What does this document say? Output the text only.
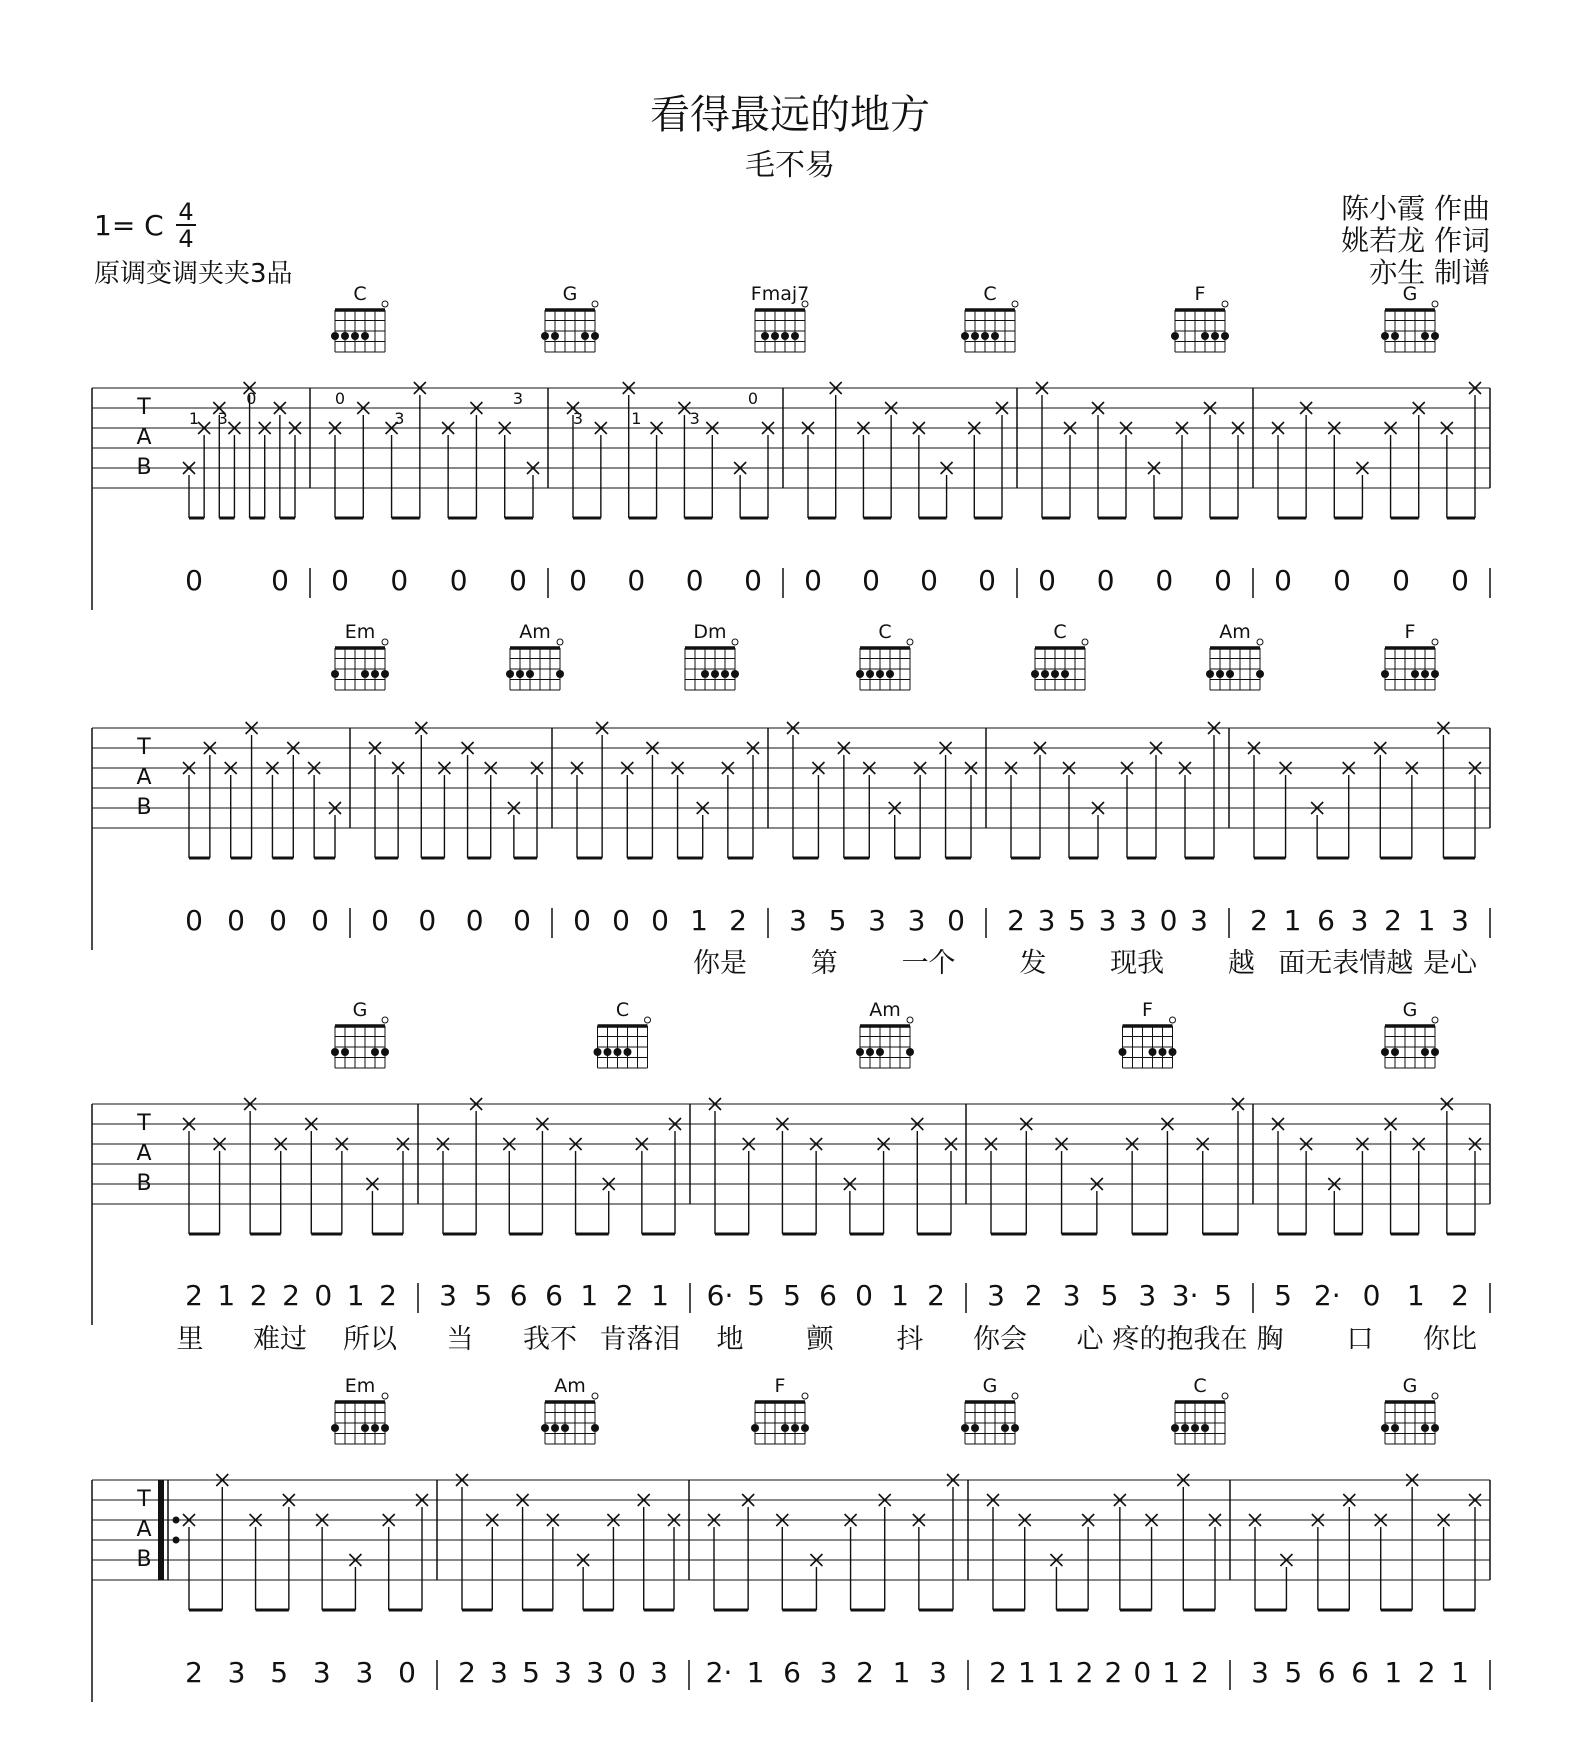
看得最远的地方
毛不易
1= C 4
4
原调变调夹夹3品
陈小霞 作曲
姚若龙 作词
亦生 制谱
T
A
B
C	G	Fmaj7	C	F	G
1 3
0	3
0
3	3
0
3	1
0 0 0 0 0 0 0 0 0 0 0 0 0 0 0 0 0 0 0 0 0 0
T
A
B
Em	Am	Dm	C	C	Am	F
0 0 0 0 0 0 0 0 0 0 0 1 2 3 5 3 3 0 2 3 5 3 3 0 3 2 1 6 3 2 1 3
你是 第 一个 发 现我 越 面无表情越 是心
T
A
B
G	C	Am	F	G
2 1 2 2 0 1 2 3 5 6 6 1 2 1 6· 5 5 6 0 1 2 3 2 3 5 3 3· 5 5 2· 0 1 2
里 难过 所以 当 我不 肯落泪 地 颤 抖 你会 心 疼的抱我在 胸 口 你比
T
A
B
Em	Am	F	G	C	G
2 3 5 3 3 0 2 3 5 3 3 0 3 2· 1 6 3 2 1 3 2 1 1 2 2 0 1 2 3 5 6 6 1 2 1
